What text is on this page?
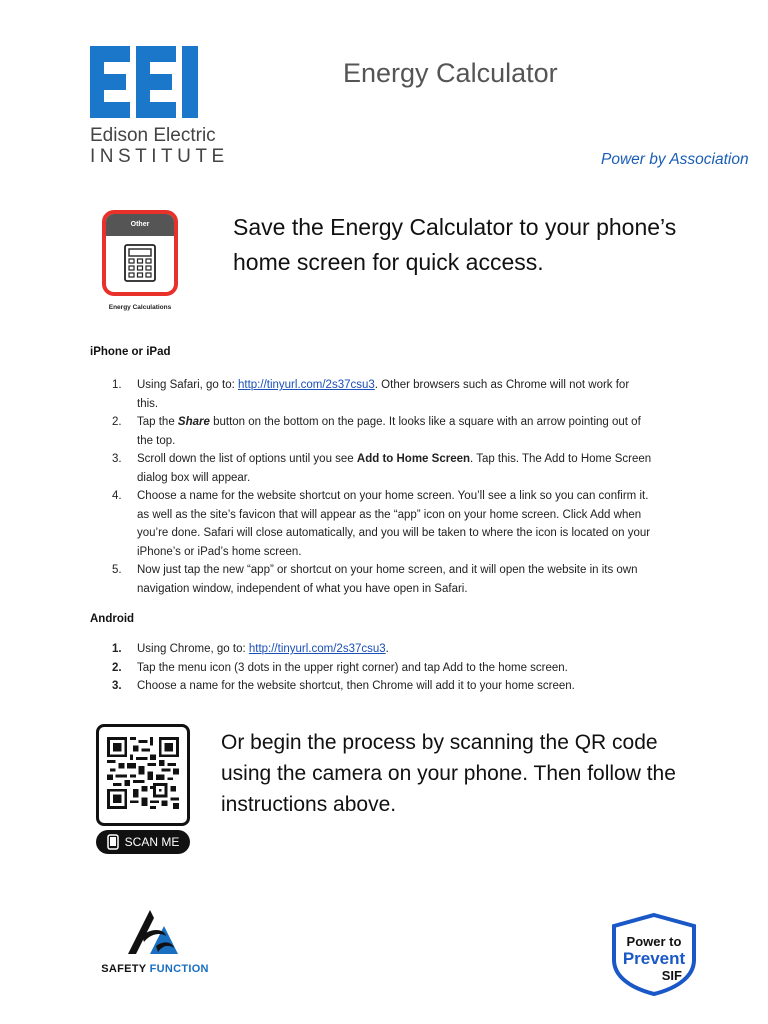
Edison Electric
INSTITUTE
Energy Calculator
Power by Association
Other
Energy Calculations
Save the Energy Calculator to your phone’s home screen for quick access.
iPhone or iPad
1. Using Safari, go to: http://tinyurl.com/2s37csu3. Other browsers such as Chrome will not work for this.
2. Tap the Share button on the bottom on the page. It looks like a square with an arrow pointing out of the top.
3. Scroll down the list of options until you see Add to Home Screen. Tap this. The Add to Home Screen dialog box will appear.
4. Choose a name for the website shortcut on your home screen. You’ll see a link so you can confirm it. as well as the site’s favicon that will appear as the “app” icon on your home screen. Click Add when you’re done. Safari will close automatically, and you will be taken to where the icon is located on your iPhone’s or iPad’s home screen.
5. Now just tap the new “app” or shortcut on your home screen, and it will open the website in its own navigation window, independent of what you have open in Safari.
Android
1. Using Chrome, go to: http://tinyurl.com/2s37csu3.
2. Tap the menu icon (3 dots in the upper right corner) and tap Add to the home screen.
3. Choose a name for the website shortcut, then Chrome will add it to your home screen.
SCAN ME
Or begin the process by scanning the QR code using the camera on your phone. Then follow the instructions above.
SAFETY FUNCTION
Power to
Prevent
SIF
